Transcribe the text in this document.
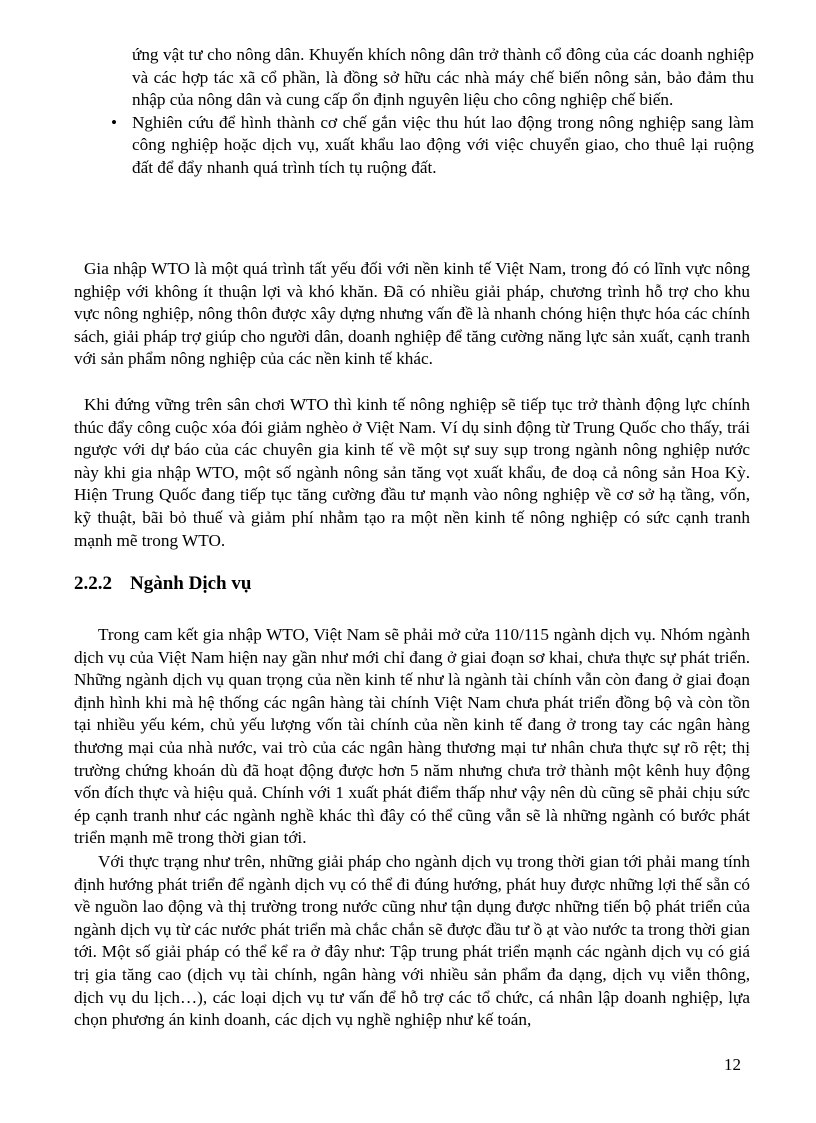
ứng vật tư cho nông dân. Khuyến khích nông dân trở thành cổ đông của các doanh nghiệp và các hợp tác xã cổ phần, là đồng sở hữu các nhà máy chế biến nông sản, bảo đảm thu nhập của nông dân và cung cấp ổn định nguyên liệu cho công nghiệp chế biến.

• Nghiên cứu để hình thành cơ chế gắn việc thu hút lao động trong nông nghiệp sang làm công nghiệp hoặc dịch vụ, xuất khẩu lao động với việc chuyển giao, cho thuê lại ruộng đất để đẩy nhanh quá trình tích tụ ruộng đất.

Gia nhập WTO là một quá trình tất yếu đối với nền kinh tế Việt Nam, trong đó có lĩnh vực nông nghiệp với không ít thuận lợi và khó khăn. Đã có nhiều giải pháp, chương trình hỗ trợ cho khu vực nông nghiệp, nông thôn được xây dựng nhưng vấn đề là nhanh chóng hiện thực hóa các chính sách, giải pháp trợ giúp cho người dân, doanh nghiệp để tăng cường năng lực sản xuất, cạnh tranh với sản phẩm nông nghiệp của các nền kinh tế khác.

Khi đứng vững trên sân chơi WTO thì kinh tế nông nghiệp sẽ tiếp tục trở thành động lực chính thúc đẩy công cuộc xóa đói giảm nghèo ở Việt Nam. Ví dụ sinh động từ Trung Quốc cho thấy, trái ngược với dự báo của các chuyên gia kinh tế về một sự suy sụp trong ngành nông nghiệp nước này khi gia nhập WTO, một số ngành nông sản tăng vọt xuất khẩu, đe doạ cả nông sản Hoa Kỳ. Hiện Trung Quốc đang tiếp tục tăng cường đầu tư mạnh vào nông nghiệp về cơ sở hạ tầng, vốn, kỹ thuật, bãi bỏ thuế và giảm phí nhằm tạo ra một nền kinh tế nông nghiệp có sức cạnh tranh mạnh mẽ trong WTO.

2.2.2 Ngành Dịch vụ

Trong cam kết gia nhập WTO, Việt Nam sẽ phải mở cửa 110/115 ngành dịch vụ. Nhóm ngành dịch vụ của Việt Nam hiện nay gần như mới chỉ đang ở giai đoạn sơ khai, chưa thực sự phát triển. Những ngành dịch vụ quan trọng của nền kinh tế như là ngành tài chính vẫn còn đang ở giai đoạn định hình khi mà hệ thống các ngân hàng tài chính Việt Nam chưa phát triển đồng bộ và còn tồn tại nhiều yếu kém, chủ yếu lượng vốn tài chính của nền kinh tế đang ở trong tay các ngân hàng thương mại của nhà nước, vai trò của các ngân hàng thương mại tư nhân chưa thực sự rõ rệt; thị trường chứng khoán dù đã hoạt động được hơn 5 năm nhưng chưa trở thành một kênh huy động vốn đích thực và hiệu quả. Chính với 1 xuất phát điểm thấp như vậy nên dù cũng sẽ phải chịu sức ép cạnh tranh như các ngành nghề khác thì đây có thể cũng vẫn sẽ là những ngành có bước phát triển mạnh mẽ trong thời gian tới.

Với thực trạng như trên, những giải pháp cho ngành dịch vụ trong thời gian tới phải mang tính định hướng phát triển để ngành dịch vụ có thể đi đúng hướng, phát huy được những lợi thế sẵn có về nguồn lao động và thị trường trong nước cũng như tận dụng được những tiến bộ phát triển của ngành dịch vụ từ các nước phát triển mà chắc chắn sẽ được đầu tư ồ ạt vào nước ta trong thời gian tới. Một số giải pháp có thể kể ra ở đây như: Tập trung phát triển mạnh các ngành dịch vụ có giá trị gia tăng cao (dịch vụ tài chính, ngân hàng với nhiều sản phẩm đa dạng, dịch vụ viễn thông, dịch vụ du lịch…), các loại dịch vụ tư vấn để hỗ trợ các tổ chức, cá nhân lập doanh nghiệp, lựa chọn phương án kinh doanh, các dịch vụ nghề nghiệp như kế toán,

12
